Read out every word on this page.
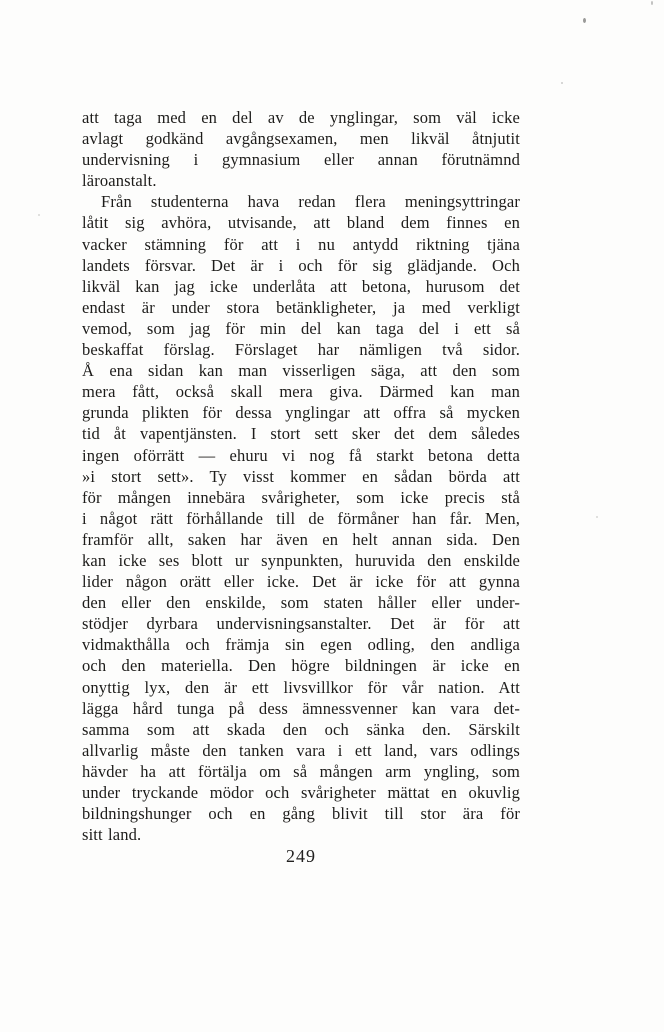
att taga med en del av de ynglingar, som väl icke
avlagt godkänd avgångsexamen, men likväl åtnjutit
undervisning i gymnasium eller annan förutnämnd
läroanstalt.
Från studenterna hava redan flera meningsyttringar
låtit sig avhöra, utvisande, att bland dem finnes en
vacker stämning för att i nu antydd riktning tjäna
landets försvar. Det är i och för sig glädjande. Och
likväl kan jag icke underlåta att betona, hurusom det
endast är under stora betänkligheter, ja med verkligt
vemod, som jag för min del kan taga del i ett så
beskaffat förslag. Förslaget har nämligen två sidor.
Å ena sidan kan man visserligen säga, att den som
mera fått, också skall mera giva. Därmed kan man
grunda plikten för dessa ynglingar att offra så mycken
tid åt vapentjänsten. I stort sett sker det dem således
ingen oförrätt — ehuru vi nog få starkt betona detta
»i stort sett». Ty visst kommer en sådan börda att
för mången innebära svårigheter, som icke precis stå
i något rätt förhållande till de förmåner han får. Men,
framför allt, saken har även en helt annan sida. Den
kan icke ses blott ur synpunkten, huruvida den enskilde
lider någon orätt eller icke. Det är icke för att gynna
den eller den enskilde, som staten håller eller under-
stödjer dyrbara undervisningsanstalter. Det är för att
vidmakthålla och främja sin egen odling, den andliga
och den materiella. Den högre bildningen är icke en
onyttig lyx, den är ett livsvillkor för vår nation. Att
lägga hård tunga på dess ämnessvenner kan vara det-
samma som att skada den och sänka den. Särskilt
allvarlig måste den tanken vara i ett land, vars odlings
hävder ha att förtälja om så mången arm yngling, som
under tryckande mödor och svårigheter mättat en okuvlig
bildningshunger och en gång blivit till stor ära för
sitt land.
249
